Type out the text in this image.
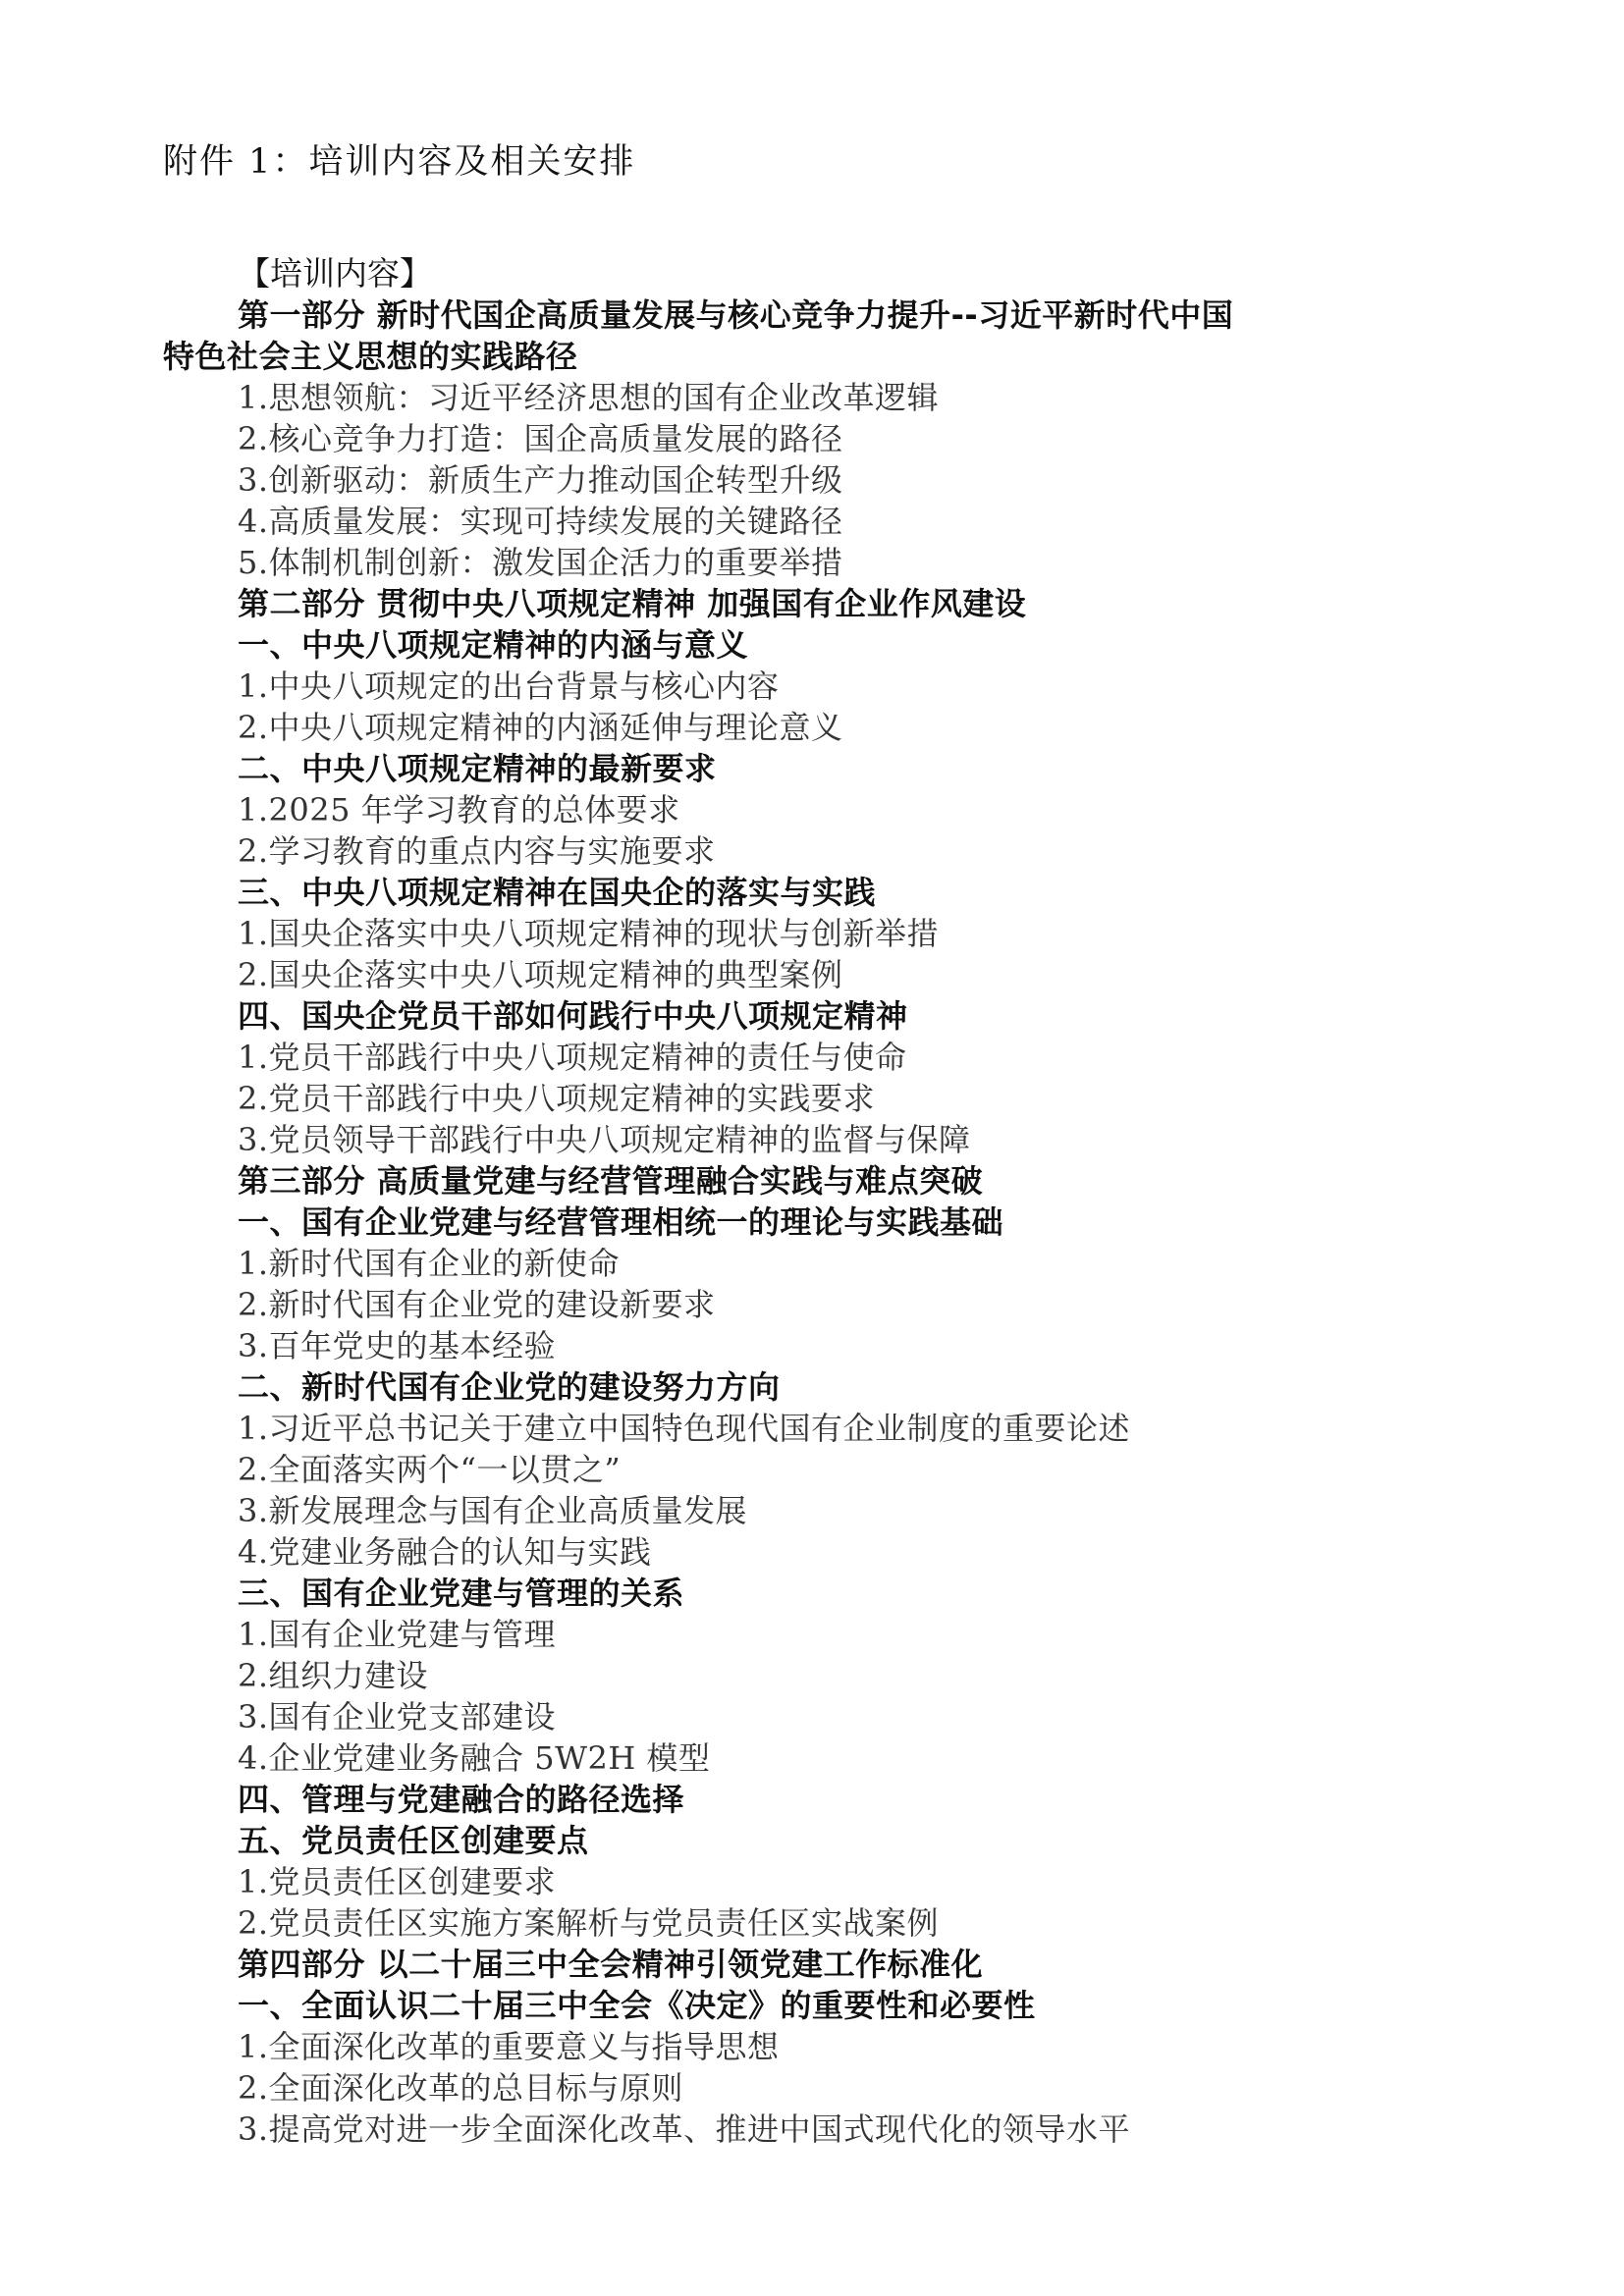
附件 1：培训内容及相关安排
【培训内容】

第一部分 新时代国企高质量发展与核心竞争力提升--习近平新时代中国

特色社会主义思想的实践路径

1.思想领航：习近平经济思想的国有企业改革逻辑

2.核心竞争力打造：国企高质量发展的路径

3.创新驱动：新质生产力推动国企转型升级

4.高质量发展：实现可持续发展的关键路径

5.体制机制创新：激发国企活力的重要举措

第二部分 贯彻中央八项规定精神 加强国有企业作风建设

一、中央八项规定精神的内涵与意义

1.中央八项规定的出台背景与核心内容

2.中央八项规定精神的内涵延伸与理论意义

二、中央八项规定精神的最新要求

1.2025 年学习教育的总体要求

2.学习教育的重点内容与实施要求

三、中央八项规定精神在国央企的落实与实践

1.国央企落实中央八项规定精神的现状与创新举措

2.国央企落实中央八项规定精神的典型案例

四、国央企党员干部如何践行中央八项规定精神

1.党员干部践行中央八项规定精神的责任与使命

2.党员干部践行中央八项规定精神的实践要求

3.党员领导干部践行中央八项规定精神的监督与保障

第三部分 高质量党建与经营管理融合实践与难点突破

一、国有企业党建与经营管理相统一的理论与实践基础

1.新时代国有企业的新使命

2.新时代国有企业党的建设新要求

3.百年党史的基本经验

二、新时代国有企业党的建设努力方向

1.习近平总书记关于建立中国特色现代国有企业制度的重要论述

2.全面落实两个“一以贯之”

3.新发展理念与国有企业高质量发展

4.党建业务融合的认知与实践

三、国有企业党建与管理的关系

1.国有企业党建与管理

2.组织力建设

3.国有企业党支部建设

4.企业党建业务融合 5W2H 模型

四、管理与党建融合的路径选择

五、党员责任区创建要点

1.党员责任区创建要求

2.党员责任区实施方案解析与党员责任区实战案例

第四部分 以二十届三中全会精神引领党建工作标准化

一、全面认识二十届三中全会《决定》的重要性和必要性

1.全面深化改革的重要意义与指导思想

2.全面深化改革的总目标与原则

3.提高党对进一步全面深化改革、推进中国式现代化的领导水平
